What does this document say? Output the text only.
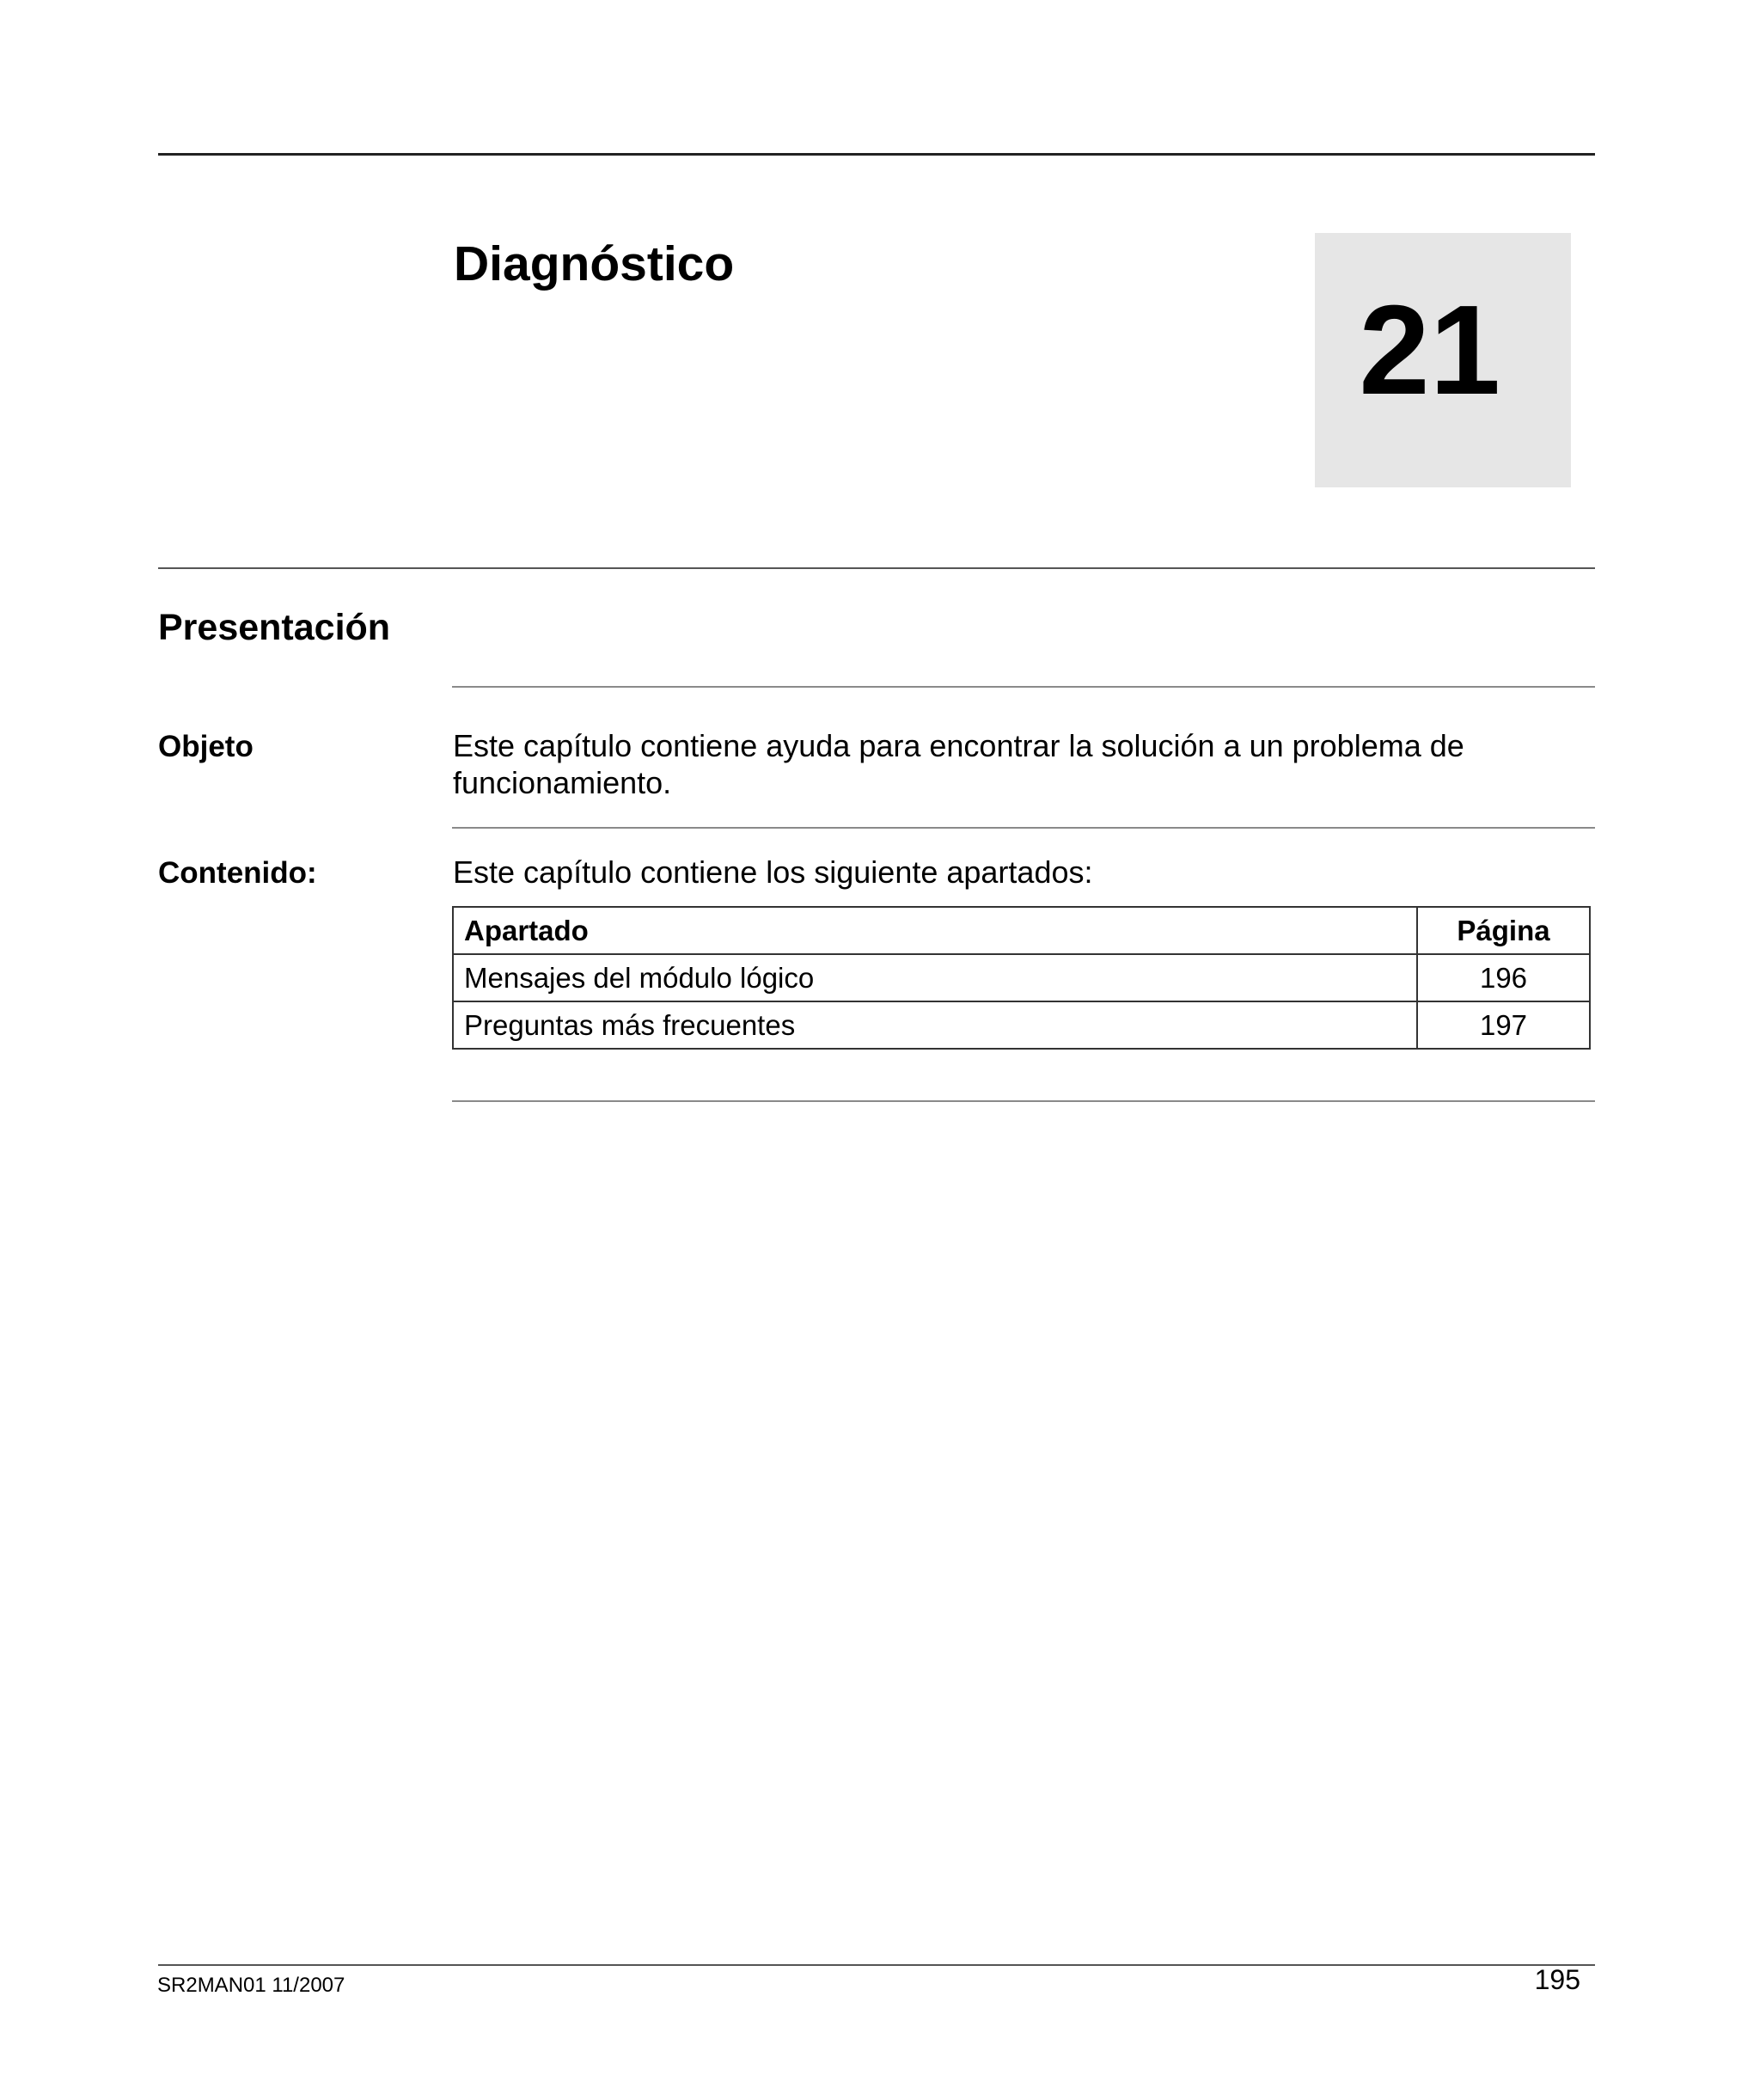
Diagnóstico
21
Presentación
Objeto	Este capítulo contiene ayuda para encontrar la solución a un problema de funcionamiento.
Contenido:	Este capítulo contiene los siguiente apartados:
Apartado	Página
Mensajes del módulo lógico	196
Preguntas más frecuentes	197
SR2MAN01 11/2007	195
